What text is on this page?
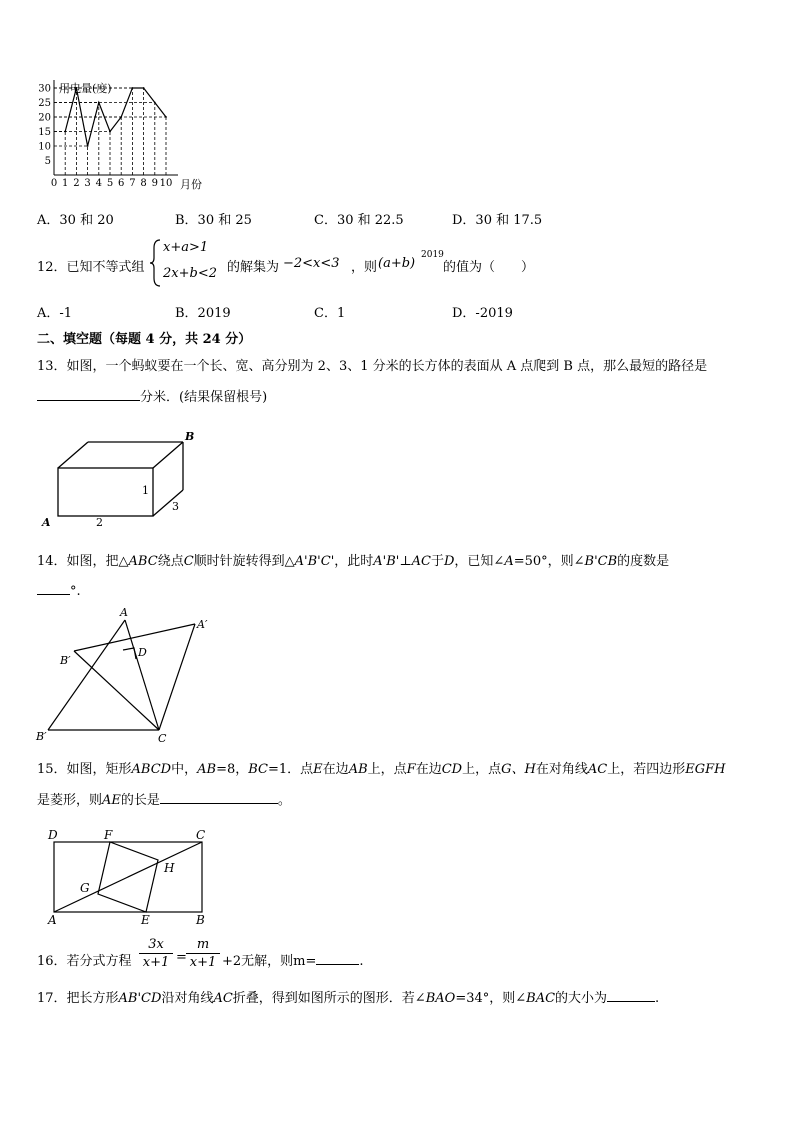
5
10
15
20
25
30
0 1 2 3 4 5 6 7 8 9 10
用电量(度)
月份
A．30 和 20	B．30 和 25	C．30 和 22.5	D．30 和 17.5
12．已知不等式组
x+a>1
2x+b<2 的解集为 −2<x<3 ，则 (a+b)
2019
的值为（　　）
A．-1	B．2019	C．1	D．-2019
二、填空题（每题 4 分，共 24 分）
13．如图，一个蚂蚁要在一个长、宽、高分别为 2、3、1 分米的长方体的表面从 A 点爬到 B 点，那么最短的路径是
分米．(结果保留根号)
A
B
2
1
3
14．如图，把△ABC绕点C顺时针旋转得到△A'B'C'，此时A'B'⊥AC于D，已知∠A=50°，则∠B'CB的度数是
°.
A
A′
B′
D
B′	C
15．如图，矩形ABCD中，AB=8，BC=1．点E在边AB上，点F在边CD上，点G、H在对角线AC上，若四边形EGFH
是菱形，则AE的长是	。
D	F	C
G
H
A	E	B
16．若分式方程
3x
x+1 =
m
x+1 +2无解，则m=	.
17．把长方形AB'CD沿对角线AC折叠，得到如图所示的图形．若∠BAO=34°，则∠BAC的大小为	.
